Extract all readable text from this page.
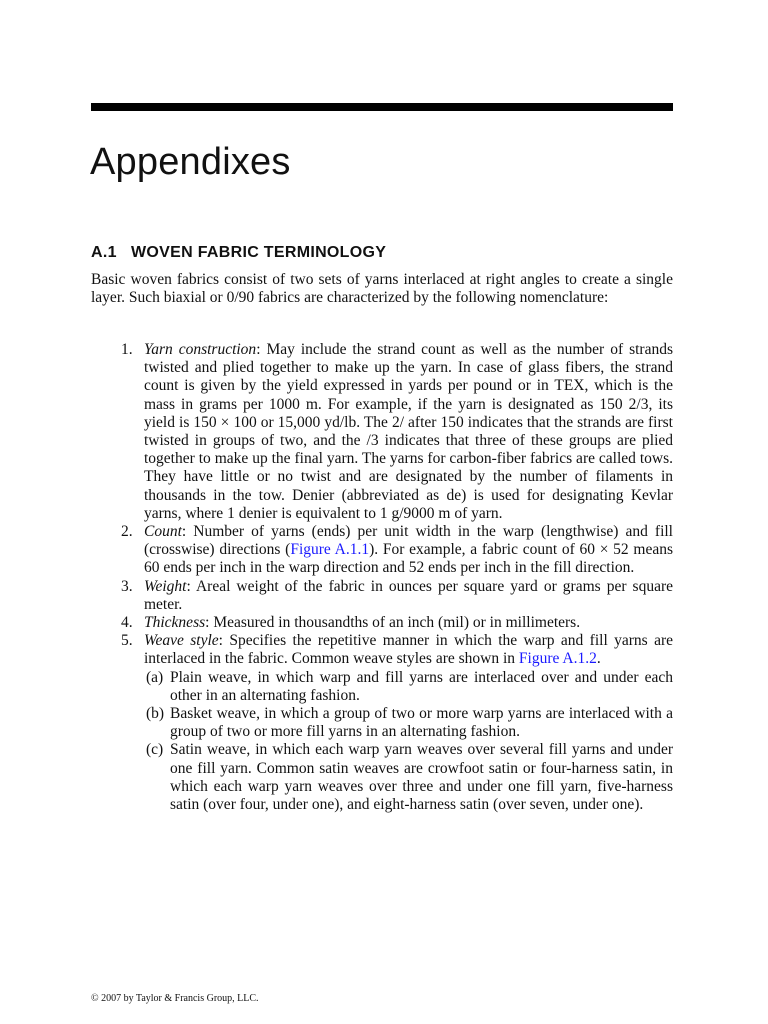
Appendixes
A.1 WOVEN FABRIC TERMINOLOGY

Basic woven fabrics consist of two sets of yarns interlaced at right angles to create a single layer. Such biaxial or 0/90 fabrics are characterized by the following nomenclature:

1. Yarn construction: May include the strand count as well as the number of strands twisted and plied together to make up the yarn. In case of glass fibers, the strand count is given by the yield expressed in yards per pound or in TEX, which is the mass in grams per 1000 m. For example, if the yarn is designated as 150 2/3, its yield is 150 × 100 or 15,000 yd/lb. The 2/ after 150 indicates that the strands are first twisted in groups of two, and the /3 indicates that three of these groups are plied together to make up the final yarn. The yarns for carbon-fiber fabrics are called tows. They have little or no twist and are designated by the number of filaments in thousands in the tow. Denier (abbreviated as de) is used for designating Kevlar yarns, where 1 denier is equivalent to 1 g/9000 m of yarn.
2. Count: Number of yarns (ends) per unit width in the warp (lengthwise) and fill (crosswise) directions (Figure A.1.1). For example, a fabric count of 60 × 52 means 60 ends per inch in the warp direction and 52 ends per inch in the fill direction.
3. Weight: Areal weight of the fabric in ounces per square yard or grams per square meter.
4. Thickness: Measured in thousandths of an inch (mil) or in millimeters.
5. Weave style: Specifies the repetitive manner in which the warp and fill yarns are interlaced in the fabric. Common weave styles are shown in Figure A.1.2.
(a) Plain weave, in which warp and fill yarns are interlaced over and under each other in an alternating fashion.
(b) Basket weave, in which a group of two or more warp yarns are interlaced with a group of two or more fill yarns in an alternating fashion.
(c) Satin weave, in which each warp yarn weaves over several fill yarns and under one fill yarn. Common satin weaves are crowfoot satin or four-harness satin, in which each warp yarn weaves over three and under one fill yarn, five-harness satin (over four, under one), and eight-harness satin (over seven, under one).
© 2007 by Taylor & Francis Group, LLC.
